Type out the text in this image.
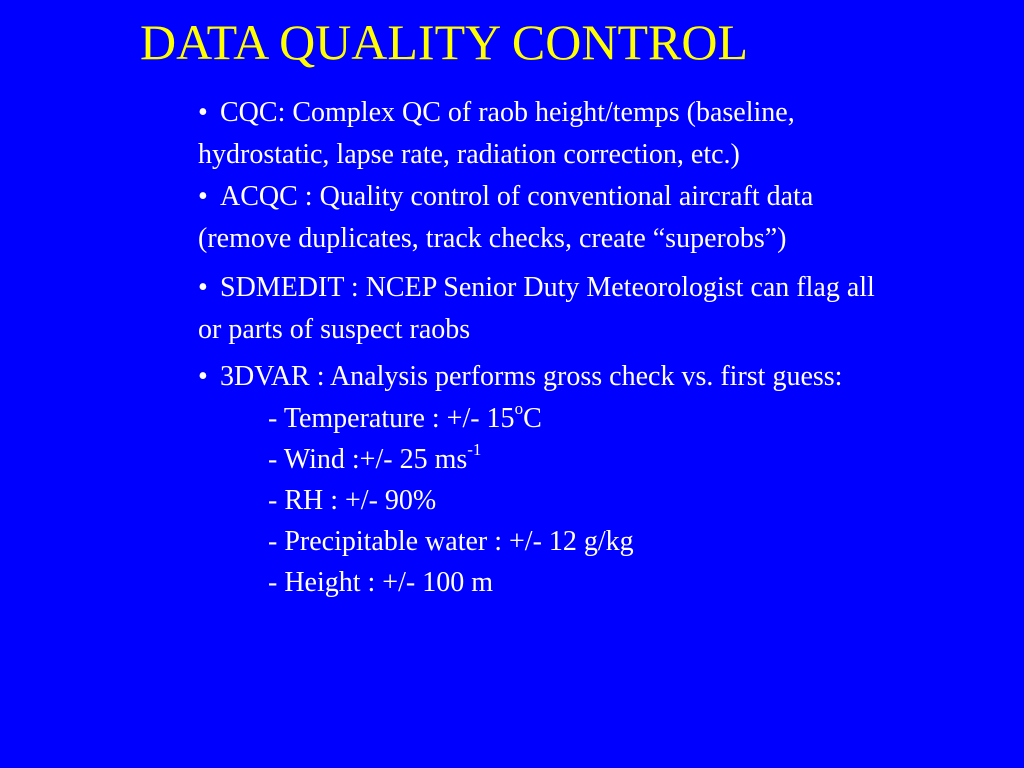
DATA QUALITY CONTROL

• CQC: Complex QC of raob height/temps (baseline, hydrostatic, lapse rate, radiation correction, etc.)

• ACQC : Quality control of conventional aircraft data (remove duplicates, track checks, create “superobs”)

• SDMEDIT : NCEP Senior Duty Meteorologist can flag all or parts of suspect raobs

• 3DVAR : Analysis performs gross check vs. first guess:

- Temperature : +/- 15$^o$C
- Wind :+/- 25 $ms^{-1}$
- RH : +/- 90%
- Precipitable water : +/- 12 g/kg
- Height : +/- 100 m
